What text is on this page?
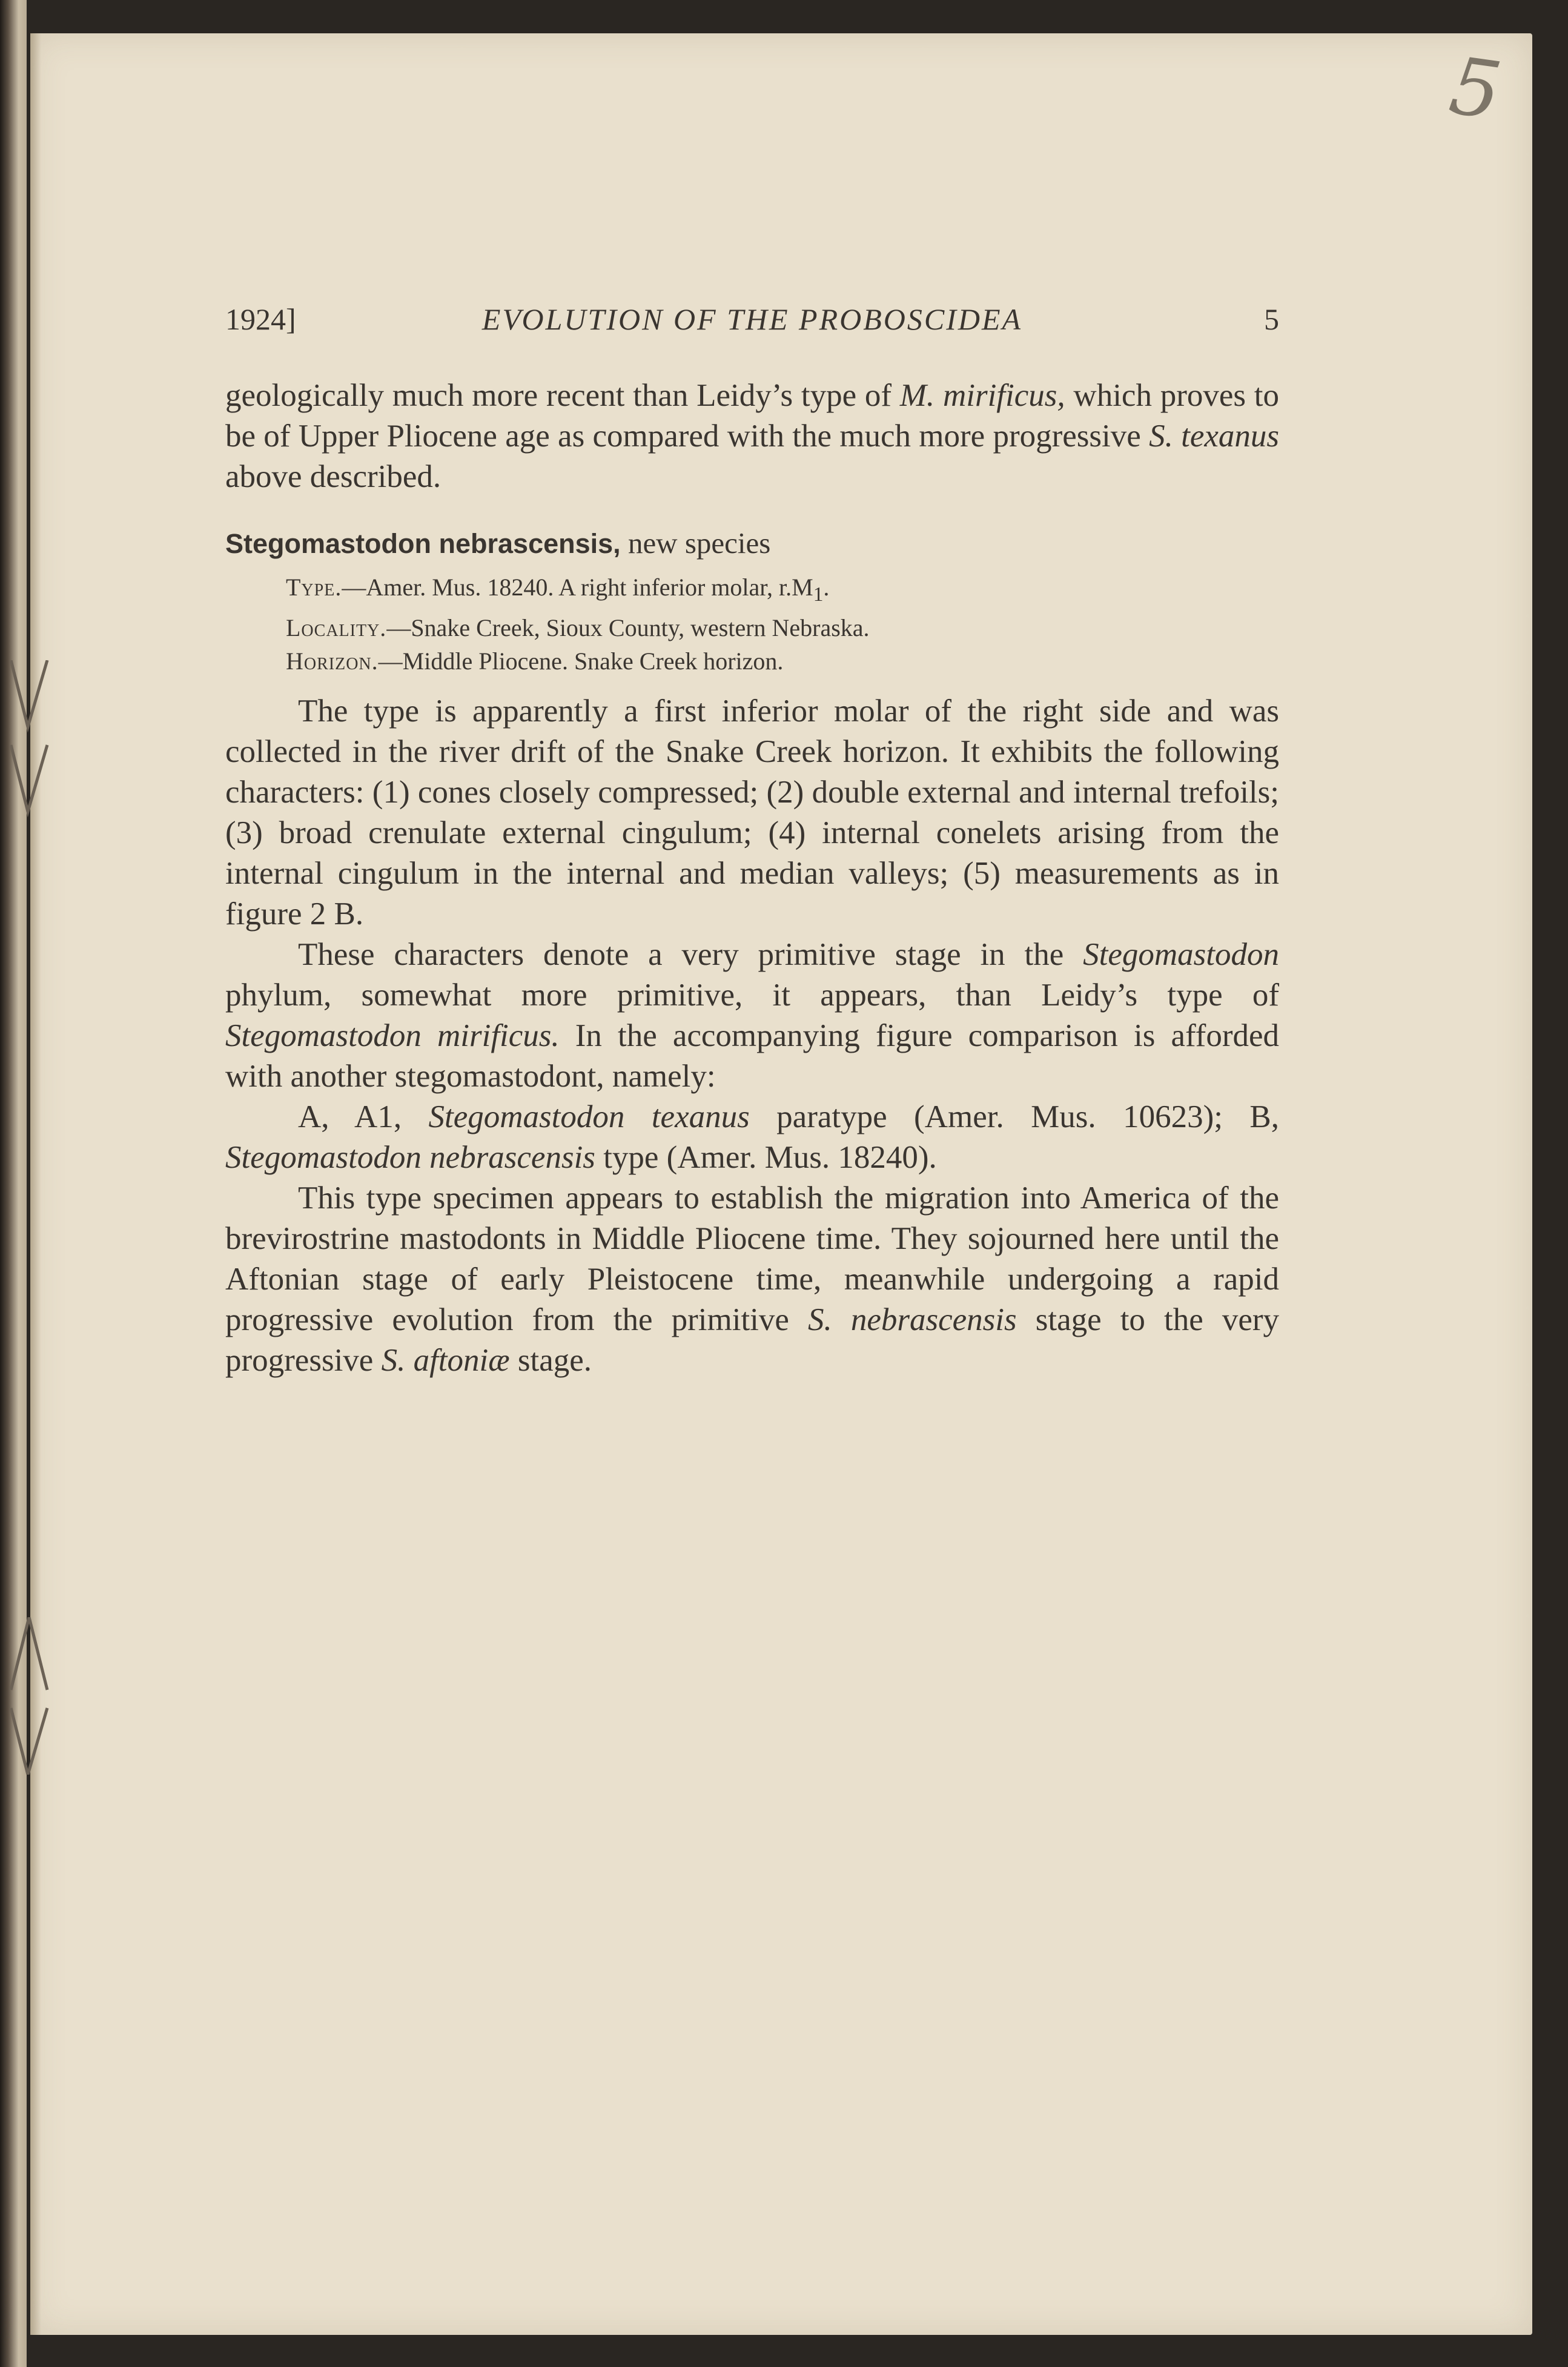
5
1924]	EVOLUTION OF THE PROBOSCIDEA	5

geologically much more recent than Leidy’s type of M. mirificus, which proves to be of Upper Pliocene age as compared with the much more progressive S. texanus above described.

Stegomastodon nebrascensis, new species

Type.—Amer. Mus. 18240. A right inferior molar, $r.M_1$.
Locality.—Snake Creek, Sioux County, western Nebraska.
Horizon.—Middle Pliocene. Snake Creek horizon.

The type is apparently a first inferior molar of the right side and was collected in the river drift of the Snake Creek horizon. It exhibits the following characters: (1) cones closely compressed; (2) double external and internal trefoils; (3) broad crenulate external cingulum; (4) internal conelets arising from the internal cingulum in the internal and median valleys; (5) measurements as in figure 2 B.

These characters denote a very primitive stage in the Stegomastodon phylum, somewhat more primitive, it appears, than Leidy’s type of Stegomastodon mirificus. In the accompanying figure comparison is afforded with another stegomastodont, namely:

A, A1, Stegomastodon texanus paratype (Amer. Mus. 10623); B, Stegomastodon nebrascensis type (Amer. Mus. 18240).

This type specimen appears to establish the migration into America of the brevirostrine mastodonts in Middle Pliocene time. They sojourned here until the Aftonian stage of early Pleistocene time, meanwhile undergoing a rapid progressive evolution from the primitive S. nebrascensis stage to the very progressive S. aftoniæ stage.
